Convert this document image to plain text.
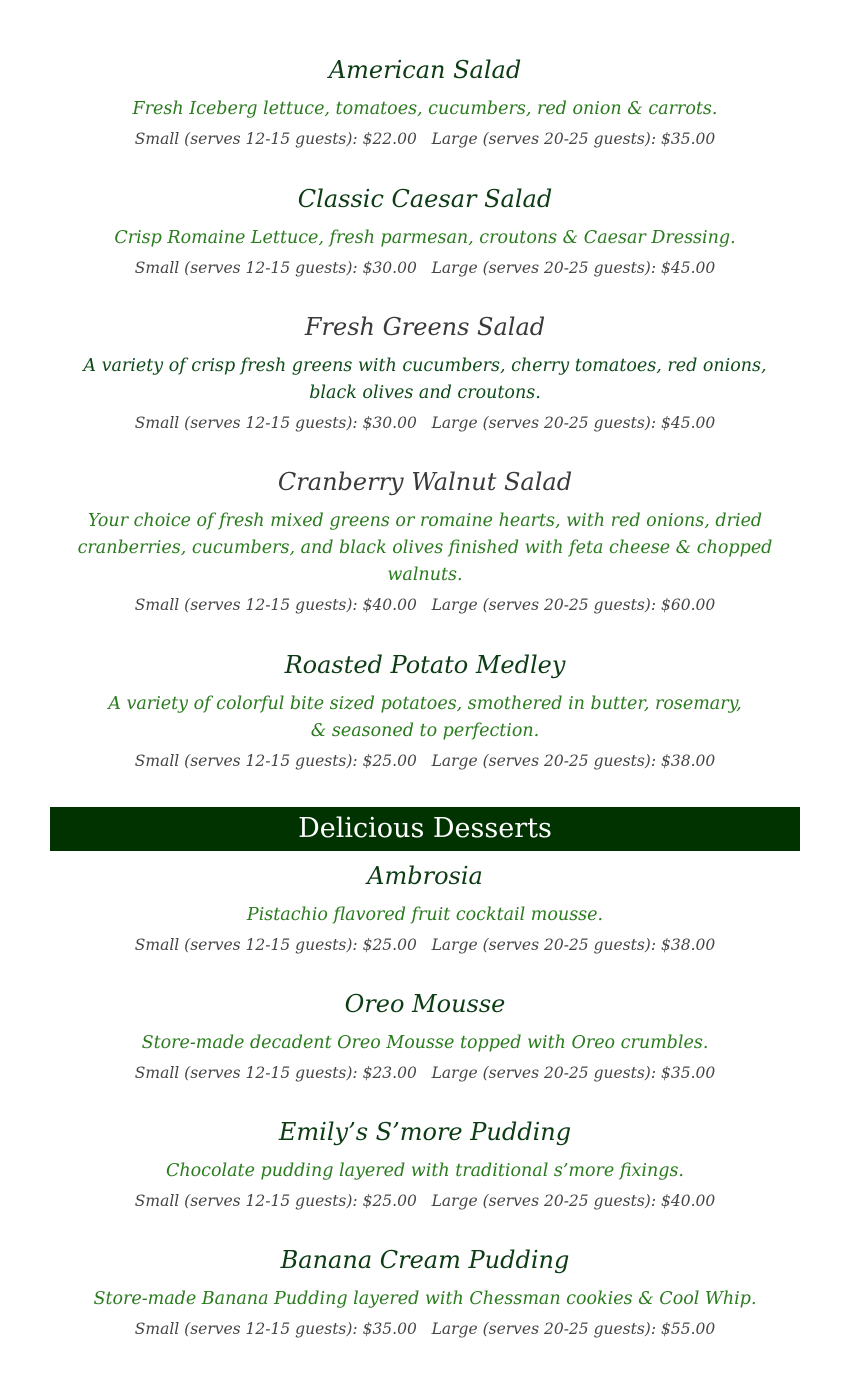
American Salad

Fresh Iceberg lettuce, tomatoes, cucumbers, red onion & carrots.

Small (serves 12-15 guests): $22.00 Large (serves 20-25 guests): $35.00

Classic Caesar Salad

Crisp Romaine Lettuce, fresh parmesan, croutons & Caesar Dressing.

Small (serves 12-15 guests): $30.00 Large (serves 20-25 guests): $45.00

Fresh Greens Salad

A variety of crisp fresh greens with cucumbers, cherry tomatoes, red onions,
black olives and croutons.

Small (serves 12-15 guests): $30.00 Large (serves 20-25 guests): $45.00

Cranberry Walnut Salad

Your choice of fresh mixed greens or romaine hearts, with red onions, dried
cranberries, cucumbers, and black olives finished with feta cheese & chopped
walnuts.

Small (serves 12-15 guests): $40.00 Large (serves 20-25 guests): $60.00

Roasted Potato Medley

A variety of colorful bite sized potatoes, smothered in butter, rosemary,
& seasoned to perfection.

Small (serves 12-15 guests): $25.00 Large (serves 20-25 guests): $38.00

Delicious Desserts
Ambrosia

Pistachio flavored fruit cocktail mousse.

Small (serves 12-15 guests): $25.00 Large (serves 20-25 guests): $38.00

Oreo Mousse

Store-made decadent Oreo Mousse topped with Oreo crumbles.

Small (serves 12-15 guests): $23.00 Large (serves 20-25 guests): $35.00

Emily’s S’more Pudding

Chocolate pudding layered with traditional s’more fixings.

Small (serves 12-15 guests): $25.00 Large (serves 20-25 guests): $40.00

Banana Cream Pudding

Store-made Banana Pudding layered with Chessman cookies & Cool Whip.

Small (serves 12-15 guests): $35.00 Large (serves 20-25 guests): $55.00
